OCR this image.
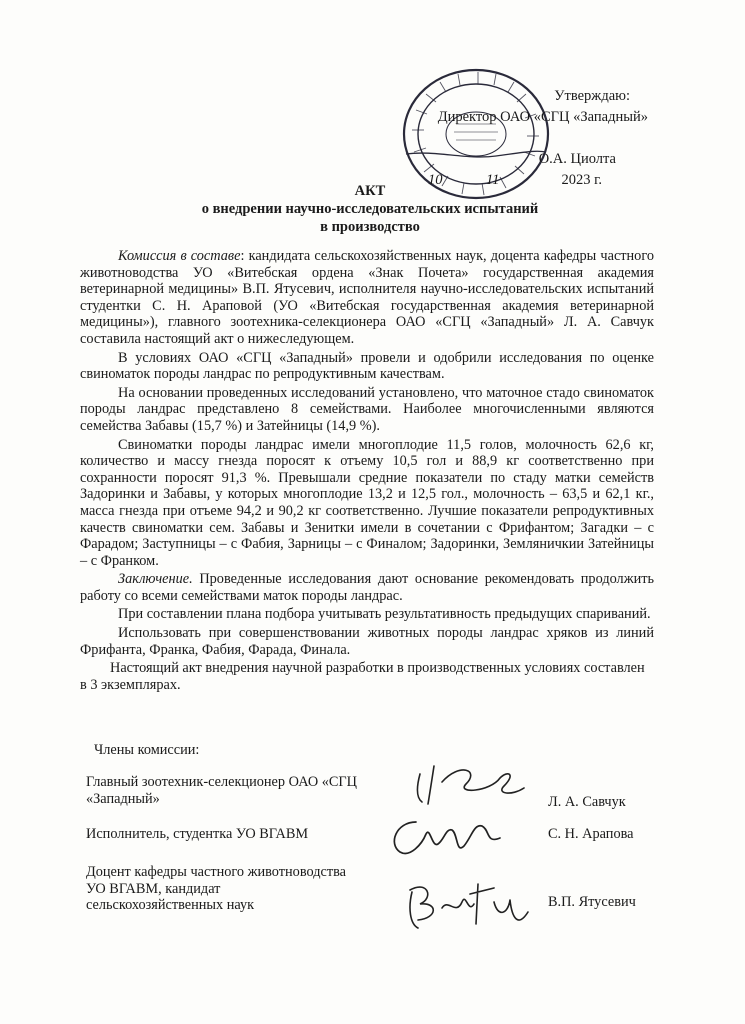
Утверждаю:
Директор ОАО «СГЦ «Западный»
О.А. Циолта
10	11	2023 г.
АКТ
о внедрении научно-исследовательских испытаний
в производство

Комиссия в составе: кандидата сельскохозяйственных наук, доцента кафедры частного животноводства УО «Витебская ордена «Знак Почета» государственная академия ветеринарной медицины» В.П. Ятусевич, исполнителя научно-исследовательских испытаний студентки С. Н. Араповой (УО «Витебская государственная академия ветеринарной медицины»), главного зоотехника-селекционера ОАО «СГЦ «Западный» Л. А. Савчук составила настоящий акт о нижеследующем.

В условиях ОАО «СГЦ «Западный» провели и одобрили исследования по оценке свиноматок породы ландрас по репродуктивным качествам.

На основании проведенных исследований установлено, что маточное стадо свиноматок породы ландрас представлено 8 семействами. Наиболее многочисленными являются семейства Забавы (15,7 %) и Затейницы (14,9 %).

Свиноматки породы ландрас имели многоплодие 11,5 голов, молочность 62,6 кг, количество и массу гнезда поросят к отъему 10,5 гол и 88,9 кг соответственно при сохранности поросят 91,3 %. Превышали средние показатели по стаду матки семейств Задоринки и Забавы, у которых многоплодие 13,2 и 12,5 гол., молочность – 63,5 и 62,1 кг., масса гнезда при отъеме 94,2 и 90,2 кг соответственно. Лучшие показатели репродуктивных качеств свиноматки сем. Забавы и Зенитки имели в сочетании с Фрифантом; Загадки – с Фарадом; Заступницы – с Фабия, Зарницы – с Финалом; Задоринки, Земляничкии Затейницы – с Франком.

Заключение. Проведенные исследования дают основание рекомендовать продолжить работу со всеми семействами маток породы ландрас.

При составлении плана подбора учитывать результативность предыдущих спариваний.

Использовать при совершенствовании животных породы ландрас хряков из линий Фрифанта, Франка, Фабия, Фарада, Финала.

Настоящий акт внедрения научной разработки в производственных условиях составлен в 3 экземплярах.

Члены комиссии:
Главный зоотехник-селекционер ОАО «СГЦ «Западный»	Л. А. Савчук
Исполнитель, студентка УО ВГАВМ	С. Н. Арапова
Доцент кафедры частного животноводства УО ВГАВМ, кандидат сельскохозяйственных наук	В.П. Ятусевич
